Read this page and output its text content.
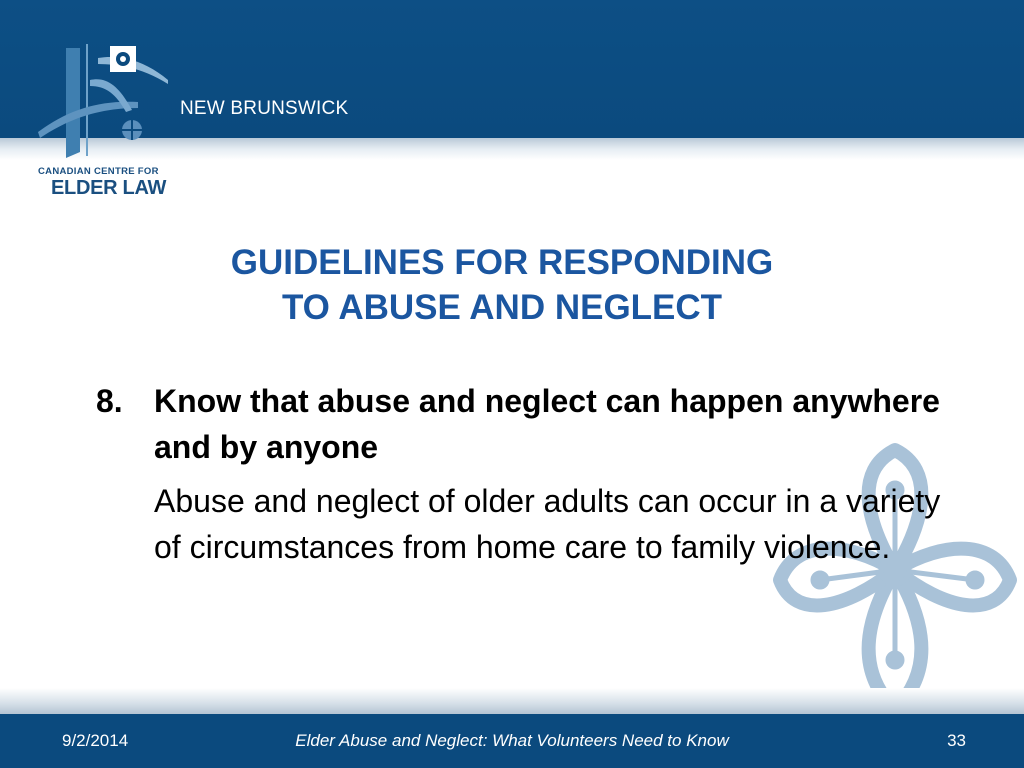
NEW BRUNSWICK
CANADIAN CENTRE FOR
ELDER LAW
GUIDELINES FOR RESPONDING
TO ABUSE AND NEGLECT
8. Know that abuse and neglect can happen anywhere and by anyone
Abuse and neglect of older adults can occur in a variety of circumstances from home care to family violence.
9/2/2014	Elder Abuse and Neglect: What Volunteers Need to Know	33
